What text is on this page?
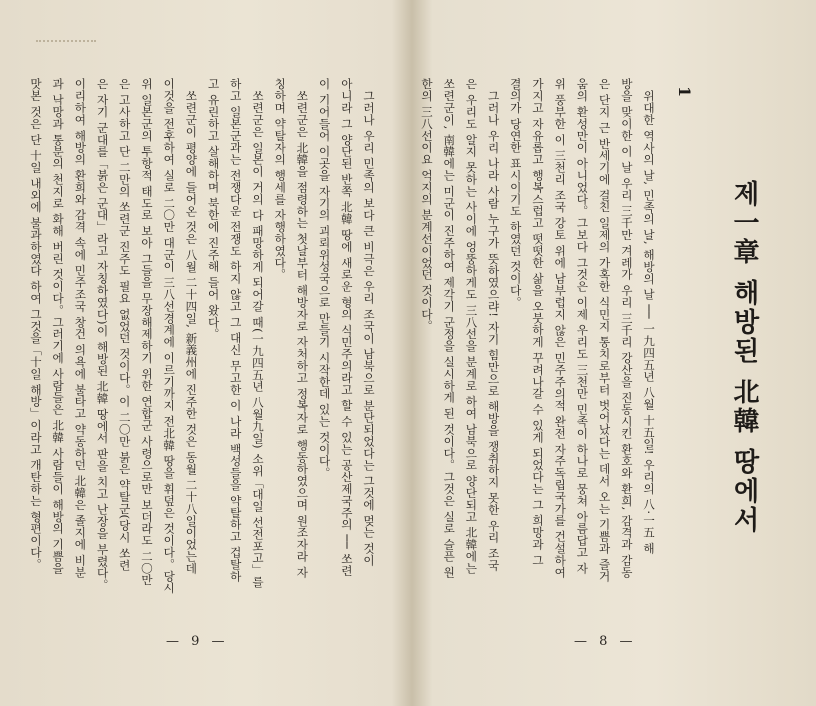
그러나 우리 민족의 보다 큰 비극은 우리 조국이 남북으로 분단되었다는 그것에 멎는 것이

아니라 그 양단된 반쪽 北韓 땅에 새로운 형의 식민주의라고 할 수 있는 공산제국주의 ── 쏘련

이 기어들어 이곳을 자기의 괴뢰위성국으로 만들기 시작한데 있는 것이다。

쏘련군은 北韓을 점령하는 첫날부터 해방자로 자처하고 정복자로 행동하였으며 원조자라 자

칭하며 약탈자의 행세를 자행하였다。

쏘련군은 일본이 거의 다 패망하게 되어갈 때(一九四五년 八월九일) 소위「대일 선전포고」를

하고 일본군과는 전쟁다운 전쟁도 하지 않고 그 대신 무고한 이 나라 백성들을 약탈하고 겁탈하

고 유린하고 살해하며 북한에 진주해 들어 왔다。

쏘련군이 평양에 들어온 것은 八월 二十四일, 新義州에 진주한 것은 동월 二十八일이었는데

이것을 전후하여 실로 二〇만 대군이 三八선경계에 이르기까지 전北韓 땅을 휘덮은 것이다。당시

위 일본군의 투항적 태도로 보아 그들을 무장해제하기 위한 연합군 사령으로만 보더라도 二〇만

은 고사하고 단 二만의 쏘련군 진주도 필요 없었던 것이다。이 二〇만 붉은 약탈군(당시 쏘련

은 자기 군대를「붉은 군대」라고 자칭하였다)이 해방된 北韓 땅에서 판을 치고 난장을 부렸다。

이리하여 해방의 환희와 감격 속에 민주조국 창건 의욕에 불타고 약동하던 北韓은 졸지에 비분

과 낙망과 통분의 천지로 화해 버린 것이다。그러기에 사람들은 北韓 사람들이 해방의 기쁨을

맛본 것은 단 十일 내외에 불과하였다 하여 그것을「十일 해방」이라고 개탄하는 형편이다。

— 9 —

위대한 역사의 날, 민족의 날, 해방의 날 ── 一九四五년 八월 十五일! 우리의 八·一五 해

방을 맞이한 이 날 우리 三千만 겨레가 우리 三千리 강산을 진동시킨 환호와 환희, 감격과 감동

은 단지 근 반세기에 걸친 일제의 가혹한 식민지 통치로부터 벗어났다는 데서 오는 기쁨과 즐거

움의 환성만이 아니었다。그보다 그것은 이제 우리도 三천만 민족이 하나로 뭉쳐 아름답고 자

위 풍부한 이 三천리 조국 강토 위에 남부럽지 않은 민주주의적 완전 자주독립국가를 건설하여

가지고 자유롭고 행복스럽고 떳떳한 삶을 오붓하게 꾸려나갈 수 있게 되었다는 그 희망과 그

결의가 당연한 표시이기도 하였던 것이다。

그러나 우리 나라 사람 누구가 뜻하였으랴! 자기 힘만으로 해방을 쟁취하지 못한 우리 조국

은 우리도 알지 못하는 사이에 엉뚱하게도 三八선을 분계로 하여 남북으로 양단되고 北韓에는

쏘련군이, 南韓에는 미군이 진주하여 제각기 군정을 실시하게 된 것이다。그것은 실로 슬픈 원

한의 三八선이요 억지의 분계선이었던 것이다。	1
제一章 해방된 北韓 땅에서
— 8 —
